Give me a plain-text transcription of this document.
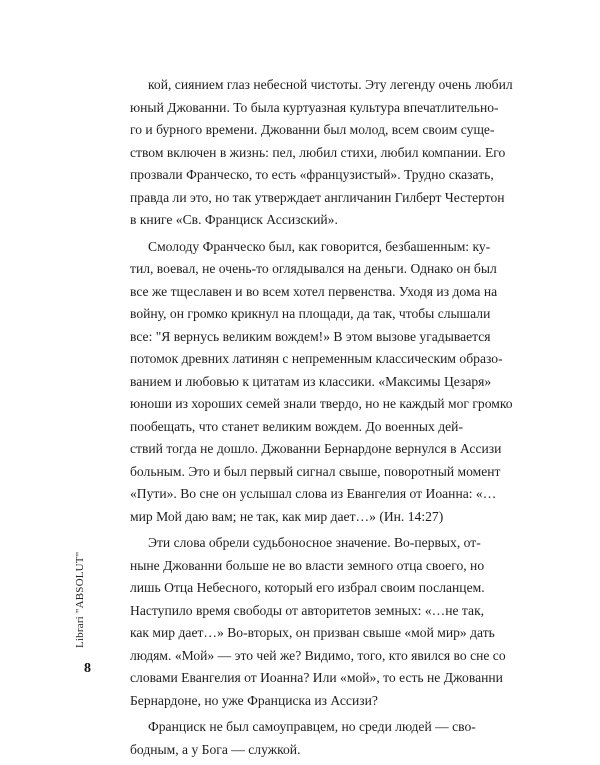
кой, сиянием глаз небесной чистоты. Эту легенду очень любил
юный Джованни. То была куртуазная культура впечатлительно-
го и бурного времени. Джованни был молод, всем своим суще-
ством включен в жизнь: пел, любил стихи, любил компании. Его
прозвали Франческо, то есть «французистый». Трудно сказать,
правда ли это, но так утверждает англичанин Гилберт Честертон
в книге «Св. Франциск Ассизский».
Смолоду Франческо был, как говорится, безбашенным: ку-
тил, воевал, не очень-то оглядывался на деньги. Однако он был
все же тщеславен и во всем хотел первенства. Уходя из дома на
войну, он громко крикнул на площади, да так, чтобы слышали
все: "Я вернусь великим вождем!» В этом вызове угадывается
потомок древних латинян с непременным классическим образо-
ванием и любовью к цитатам из классики. «Максимы Цезаря»
юноши из хороших семей знали твердо, но не каждый мог громко
пообещать, что станет великим вождем. До военных дей-
ствий тогда не дошло. Джованни Бернардоне вернулся в Ассизи
больным. Это и был первый сигнал свыше, поворотный момент
«Пути». Во сне он услышал слова из Евангелия от Иоанна: «…
мир Мой даю вам; не так, как мир дает…» (Ин. 14:27)
Эти слова обрели судьбоносное значение. Во-первых, от-
ныне Джованни больше не во власти земного отца своего, но
лишь Отца Небесного, который его избрал своим посланцем.
Наступило время свободы от авторитетов земных: «…не так,
как мир дает…» Во-вторых, он призван свыше «мой мир» дать
людям. «Мой» — это чей же? Видимо, того, кто явился во сне со
словами Евангелия от Иоанна? Или «мой», то есть не Джованни
Бернардоне, но уже Франциска из Ассизи?
Франциск не был самоуправцем, но среди людей — сво-
бодным, а у Бога — служкой.
Librari "ABSOLUT"
8
